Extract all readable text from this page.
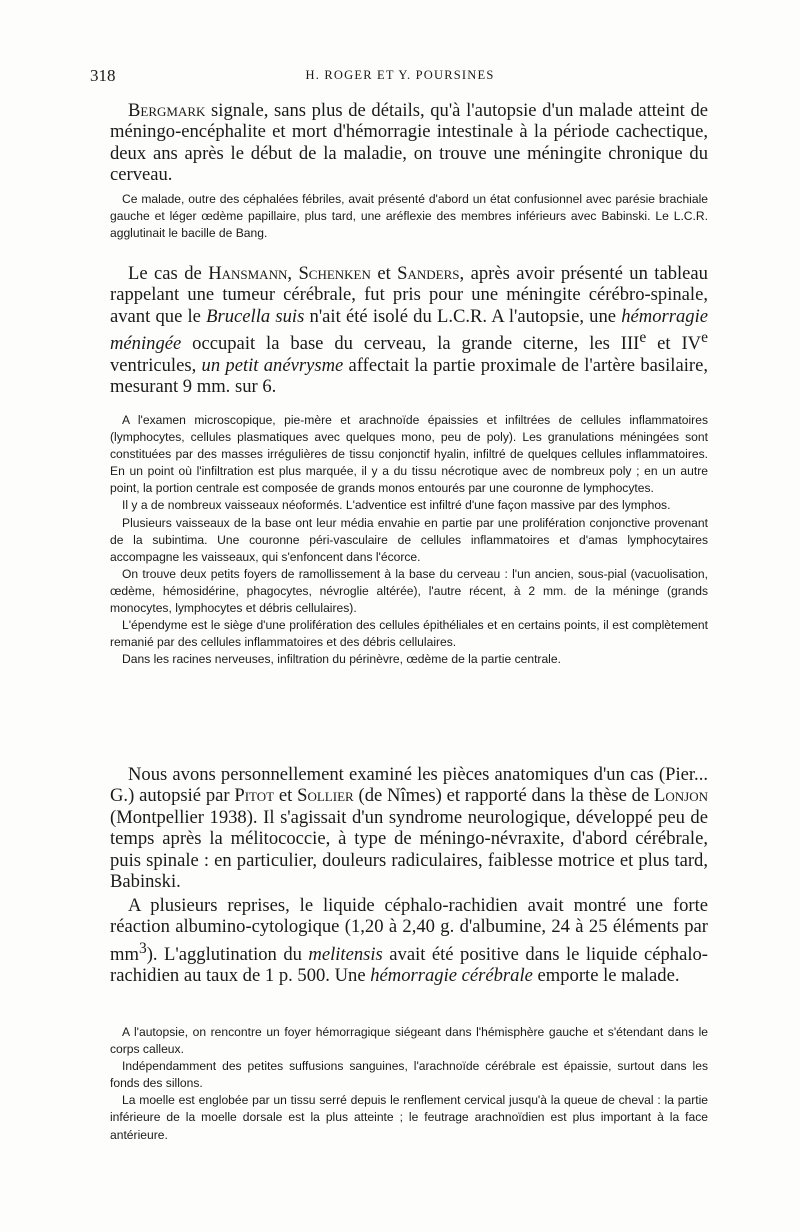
318	H. ROGER ET Y. POURSINES

Bergmark signale, sans plus de détails, qu'à l'autopsie d'un malade atteint de méningo-encéphalite et mort d'hémorragie intestinale à la période cachectique, deux ans après le début de la maladie, on trouve une méningite chronique du cerveau.

Ce malade, outre des céphalées fébriles, avait présenté d'abord un état confusionnel avec parésie brachiale gauche et léger œdème papillaire, plus tard, une aréflexie des membres inférieurs avec Babinski. Le L.C.R. agglutinait le bacille de Bang.

Le cas de Hansmann, Schenken et Sanders, après avoir présenté un tableau rappelant une tumeur cérébrale, fut pris pour une méningite cérébro-spinale, avant que le Brucella suis n'ait été isolé du L.C.R. A l'autopsie, une hémorragie méningée occupait la base du cerveau, la grande citerne, les IIIe et IVe ventricules, un petit anévrysme affectait la partie proximale de l'artère basilaire, mesurant 9 mm. sur 6.

A l'examen microscopique, pie-mère et arachnoïde épaissies et infiltrées de cellules inflammatoires (lymphocytes, cellules plasmatiques avec quelques mono, peu de poly). Les granulations méningées sont constituées par des masses irrégulières de tissu conjonctif hyalin, infiltré de quelques cellules inflammatoires. En un point où l'infiltration est plus marquée, il y a du tissu nécrotique avec de nombreux poly ; en un autre point, la portion centrale est composée de grands monos entourés par une couronne de lymphocytes.

Il y a de nombreux vaisseaux néoformés. L'adventice est infiltré d'une façon massive par des lymphos.

Plusieurs vaisseaux de la base ont leur média envahie en partie par une prolifération conjonctive provenant de la subintima. Une couronne péri-vasculaire de cellules inflammatoires et d'amas lymphocytaires accompagne les vaisseaux, qui s'enfoncent dans l'écorce.

On trouve deux petits foyers de ramollissement à la base du cerveau : l'un ancien, sous-pial (vacuolisation, œdème, hémosidérine, phagocytes, névroglie altérée), l'autre récent, à 2 mm. de la méninge (grands monocytes, lymphocytes et débris cellulaires).

L'épendyme est le siège d'une prolifération des cellules épithéliales et en certains points, il est complètement remanié par des cellules inflammatoires et des débris cellulaires.

Dans les racines nerveuses, infiltration du périnèvre, œdème de la partie centrale.

Nous avons personnellement examiné les pièces anatomiques d'un cas (Pier... G.) autopsié par Pitot et Sollier (de Nîmes) et rapporté dans la thèse de Lonjon (Montpellier 1938). Il s'agissait d'un syndrome neurologique, développé peu de temps après la mélitococcie, à type de méningo-névraxite, d'abord cérébrale, puis spinale : en particulier, douleurs radiculaires, faiblesse motrice et plus tard, Babinski.

A plusieurs reprises, le liquide céphalo-rachidien avait montré une forte réaction albumino-cytologique (1,20 à 2,40 g. d'albumine, 24 à 25 éléments par $mm^3$). L'agglutination du melitensis avait été positive dans le liquide céphalo-rachidien au taux de 1 p. 500. Une hémorragie cérébrale emporte le malade.

A l'autopsie, on rencontre un foyer hémorragique siégeant dans l'hémisphère gauche et s'étendant dans le corps calleux.

Indépendamment des petites suffusions sanguines, l'arachnoïde cérébrale est épaissie, surtout dans les fonds des sillons.

La moelle est englobée par un tissu serré depuis le renflement cervical jusqu'à la queue de cheval : la partie inférieure de la moelle dorsale est la plus atteinte ; le feutrage arachnoïdien est plus important à la face antérieure.
